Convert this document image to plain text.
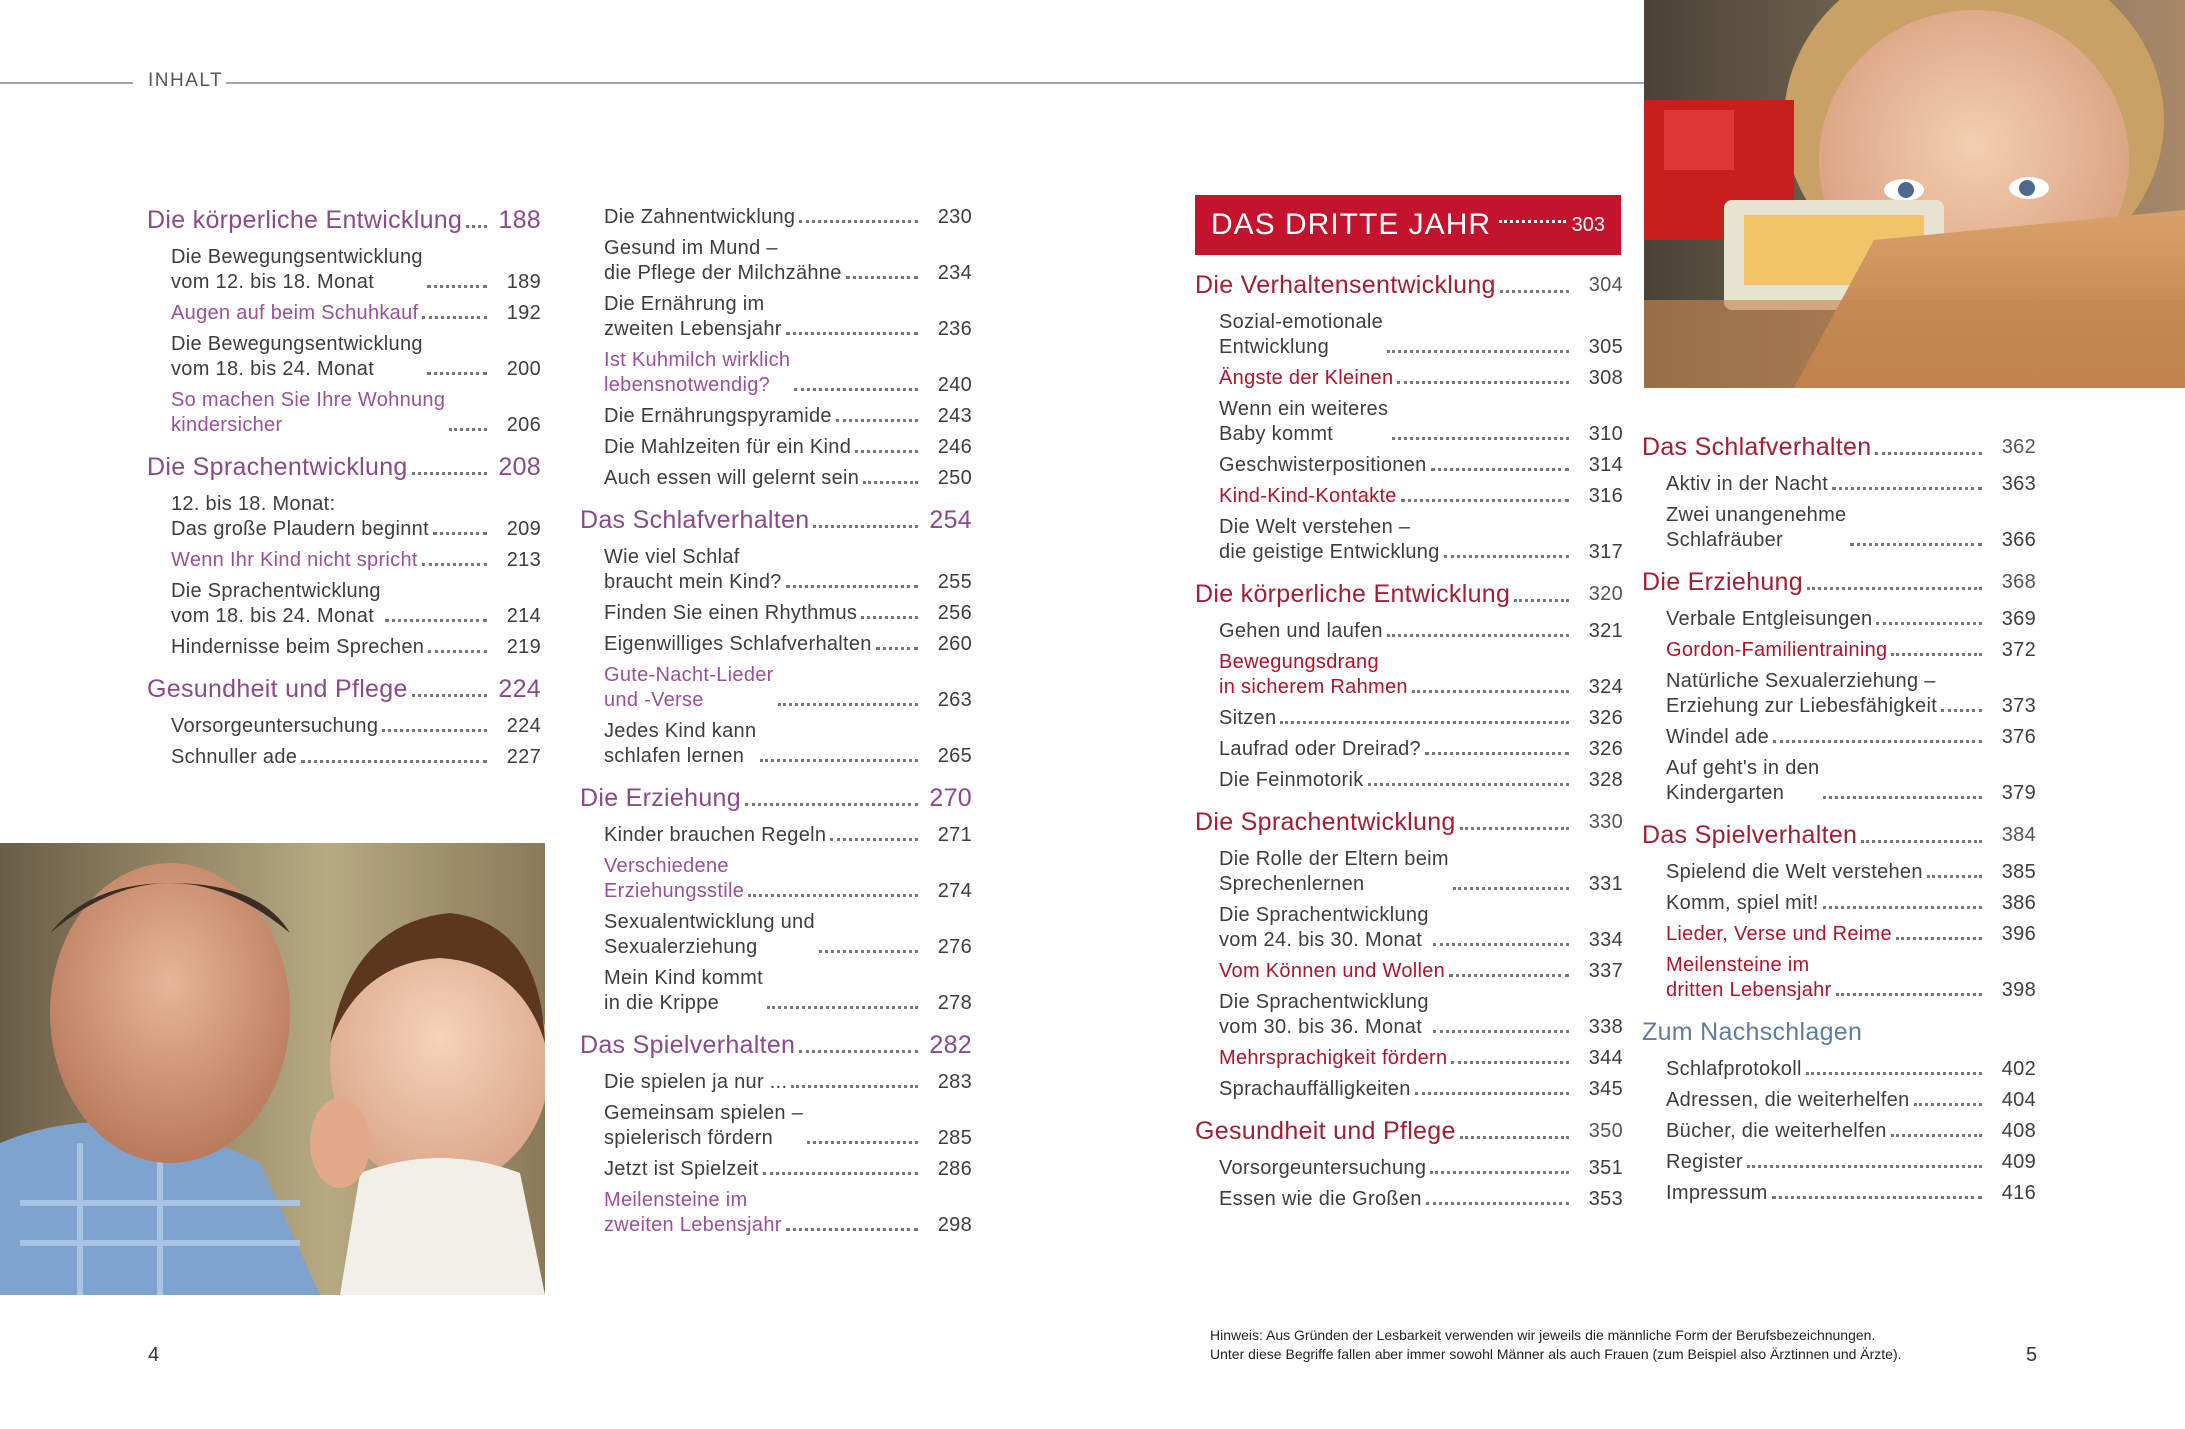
INHALT
Die körperliche Entwicklung 188
Die Bewegungsentwicklung
vom 12. bis 18. Monat	189
Augen auf beim Schuhkauf	192
Die Bewegungsentwicklung
vom 18. bis 24. Monat	200
So machen Sie Ihre Wohnung
kindersicher	206
Die Sprachentwicklung	208
12. bis 18. Monat:
Das große Plaudern beginnt	209
Wenn Ihr Kind nicht spricht	213
Die Sprachentwicklung
vom 18. bis 24. Monat	214
Hindernisse beim Sprechen	219
Gesundheit und Pflege	224
Vorsorgeuntersuchung	224
Schnuller ade	227
Die Zahnentwicklung	230
Gesund im Mund –
die Pflege der Milchzähne	234
Die Ernährung im
zweiten Lebensjahr	236
Ist Kuhmilch wirklich
lebensnotwendig?	240
Die Ernährungspyramide	243
Die Mahlzeiten für ein Kind	246
Auch essen will gelernt sein	250
Das Schlafverhalten	254
Wie viel Schlaf
braucht mein Kind?	255
Finden Sie einen Rhythmus	256
Eigenwilliges Schlafverhalten	260
Gute-Nacht-Lieder
und -Verse	263
Jedes Kind kann
schlafen lernen	265
Die Erziehung	270
Kinder brauchen Regeln	271
Verschiedene
Erziehungsstile	274
Sexualentwicklung und
Sexualerziehung	276
Mein Kind kommt
in die Krippe	278
Das Spielverhalten	282
Die spielen ja nur ...	283
Gemeinsam spielen –
spielerisch fördern	285
Jetzt ist Spielzeit	286
Meilensteine im
zweiten Lebensjahr	298
DAS DRITTE JAHR	303
Die Verhaltensentwicklung	304
Sozial-emotionale
Entwicklung	305
Ängste der Kleinen	308
Wenn ein weiteres
Baby kommt	310
Geschwisterpositionen	314
Kind-Kind-Kontakte	316
Die Welt verstehen –
die geistige Entwicklung	317
Die körperliche Entwicklung	320
Gehen und laufen	321
Bewegungsdrang
in sicherem Rahmen	324
Sitzen	326
Laufrad oder Dreirad?	326
Die Feinmotorik	328
Die Sprachentwicklung	330
Die Rolle der Eltern beim
Sprechenlernen	331
Die Sprachentwicklung
vom 24. bis 30. Monat	334
Vom Können und Wollen	337
Die Sprachentwicklung
vom 30. bis 36. Monat	338
Mehrsprachigkeit fördern	344
Sprachauffälligkeiten	345
Gesundheit und Pflege	350
Vorsorgeuntersuchung	351
Essen wie die Großen	353
Das Schlafverhalten	362
Aktiv in der Nacht	363
Zwei unangenehme
Schlafräuber	366
Die Erziehung	368
Verbale Entgleisungen	369
Gordon-Familientraining	372
Natürliche Sexualerziehung –
Erziehung zur Liebesfähigkeit	373
Windel ade	376
Auf geht's in den
Kindergarten	379
Das Spielverhalten	384
Spielend die Welt verstehen	385
Komm, spiel mit!	386
Lieder, Verse und Reime	396
Meilensteine im
dritten Lebensjahr	398
Zum Nachschlagen
Schlafprotokoll	402
Adressen, die weiterhelfen	404
Bücher, die weiterhelfen	408
Register	409
Impressum	416
4	5
Hinweis: Aus Gründen der Lesbarkeit verwenden wir jeweils die männliche Form der Berufsbezeichnungen.
Unter diese Begriffe fallen aber immer sowohl Männer als auch Frauen (zum Beispiel also Ärztinnen und Ärzte).
